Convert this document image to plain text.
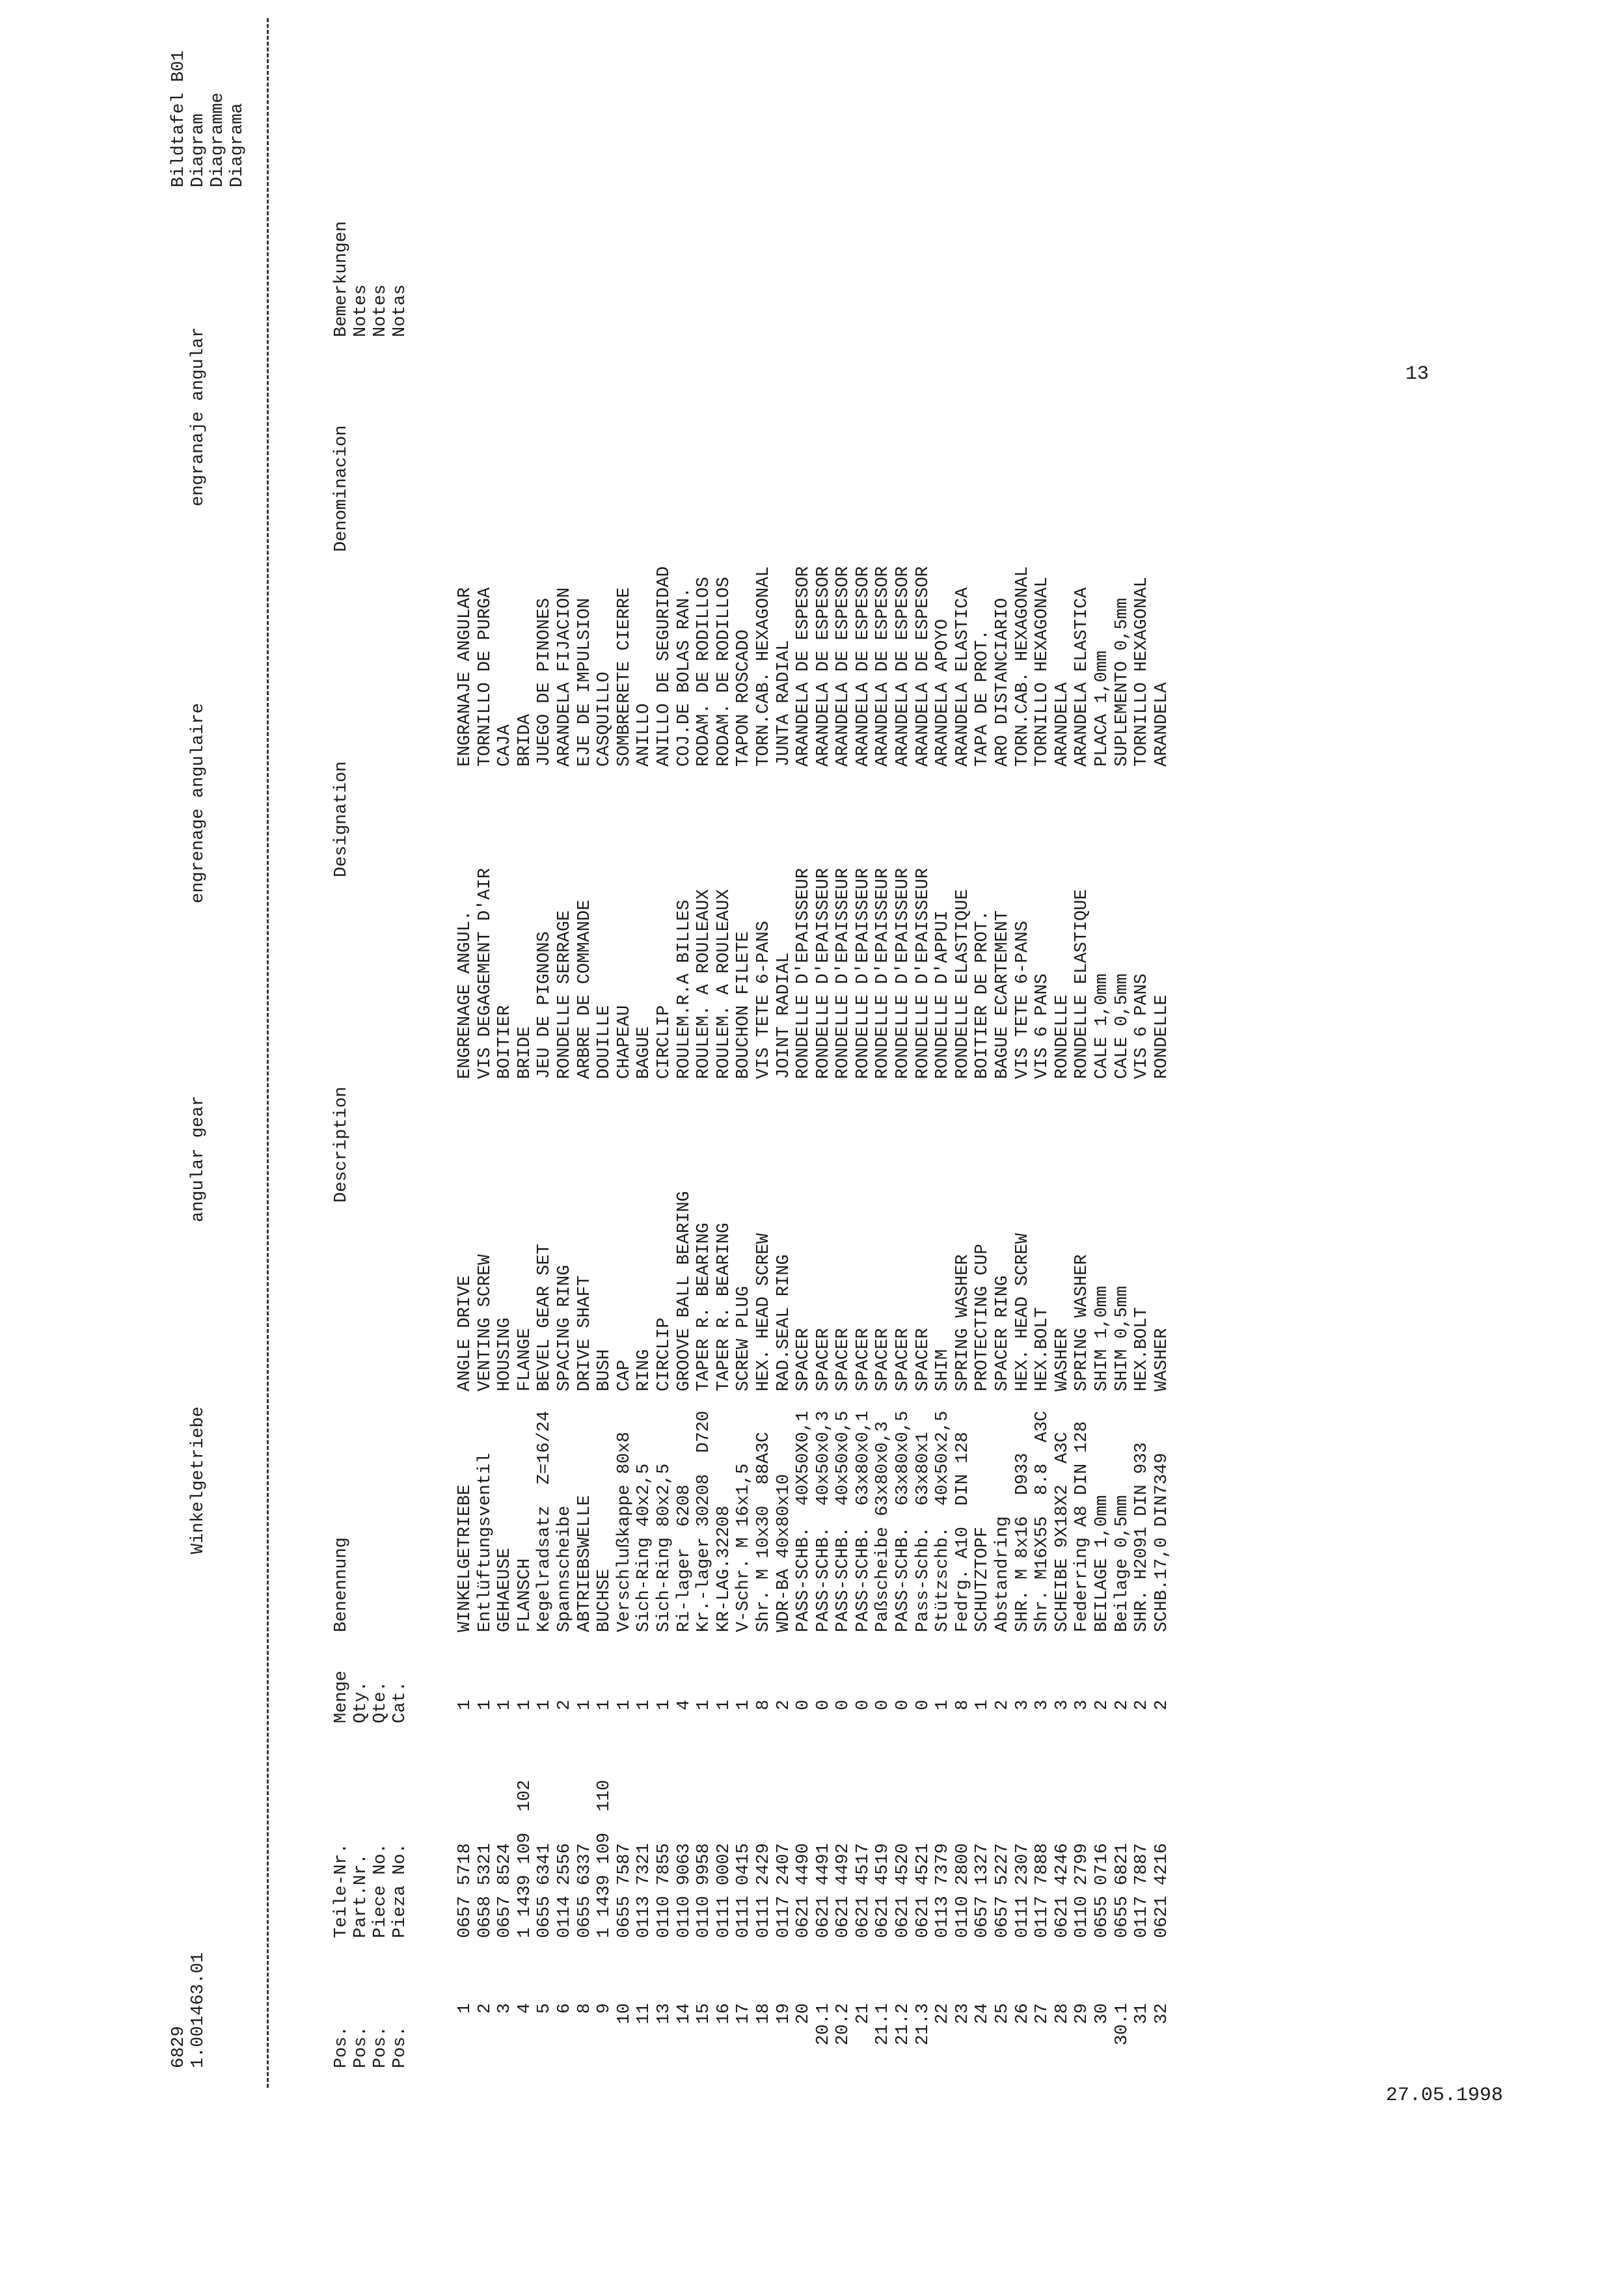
6829 1.001463.01
Winkelgetriebe
angular gear
engrenage angulaire
engranaje angular
Bildtafel B01 Diagram Diagramme Diagrama
Pos.
Pos.
Pos.
Pos.
Teile-Nr.
Part.Nr.
Piece No.
Pieza No.
Menge
Qty.
Qte.
Cat.
Benennung
Description
Designation
Denominacion
Bemerkungen
Notes
Notes
Notas
1 2 3 4 5 6 8 9 10 11 13 14 15 16 17 18 19 20 20.1 20.2 21 21.1 21.2 21.3 22 23 24 25 26 27 28 29 30 30.1 31 32
0657 5718 0658 5321 0657 8524 1 1439 109  102 0655 6341 0114 2556 0655 6337 1 1439 109  110 0655 7587 0113 7321 0110 7855 0110 9063 0110 9958 0111 0002 0111 0415 0111 2429 0117 2407 0621 4490 0621 4491 0621 4492 0621 4517 0621 4519 0621 4520 0621 4521 0113 7379 0110 2800 0657 1327 0657 5227 0111 2307 0117 7888 0621 4246 0110 2799 0655 0716 0655 6821 0117 7887 0621 4216
1 1 1 1 1 2 1 1 1 1 1 4 1 1 1 8 2 0 0 0 0 0 0 0 1 8 1 2 3 3 3 3 2 2 2 2
WINKELGETRIEBE Entlüftungsventil GEHAEUSE FLANSCH Kegelradsatz  Z=16/24 Spannscheibe ABTRIEBSWELLE BUCHSE Verschlußkappe 80x8 Sich-Ring 40x2,5 Sich-Ring 80x2,5 Ri-lager  6208 Kr.-lager 30208  D720 KR-LAG.32208 V-Schr. M 16x1,5 Shr. M 10x30  88A3C WDR-BA 40x80x10 PASS-SCHB.  40X50X0,1 PASS-SCHB.  40x50x0,3 PASS-SCHB.  40x50x0,5 PASS-SCHB.  63x80x0,1 Paßscheibe 63x80x0,3 PASS-SCHB.  63x80x0,5 Pass-Schb.  63x80x1 Stützschb.  40x50x2,5 Fedrg. A10  DIN 128 SCHUTZTOPF Abstandring SHR. M 8x16  D933 Shr. M16X55  8.8  A3C SCHEIBE 9X18X2  A3C Federring A8 DIN 128 BEILAGE 1,0mm Beilage 0,5mm SHR. H2091 DIN 933 SCHB.17,0 DIN7349
ANGLE DRIVE VENTING SCREW HOUSING FLANGE BEVEL GEAR SET SPACING RING DRIVE SHAFT BUSH CAP RING CIRCLIP GROOVE BALL BEARING TAPER R. BEARING TAPER R. BEARING SCREW PLUG HEX. HEAD SCREW RAD.SEAL RING SPACER SPACER SPACER SPACER SPACER SPACER SPACER SHIM SPRING WASHER PROTECTING CUP SPACER RING HEX. HEAD SCREW HEX.BOLT WASHER SPRING WASHER SHIM 1,0mm SHIM 0,5mm HEX.BOLT WASHER
ENGRENAGE ANGUL. VIS DEGAGEMENT D'AIR BOITIER BRIDE JEU DE PIGNONS RONDELLE SERRAGE ARBRE DE COMMANDE DOUILLE CHAPEAU BAGUE CIRCLIP ROULEM.R.A BILLES ROULEM. A ROULEAUX ROULEM. A ROULEAUX BOUCHON FILETE VIS TETE 6-PANS JOINT RADIAL RONDELLE D'EPAISSEUR RONDELLE D'EPAISSEUR RONDELLE D'EPAISSEUR RONDELLE D'EPAISSEUR RONDELLE D'EPAISSEUR RONDELLE D'EPAISSEUR RONDELLE D'EPAISSEUR RONDELLE D'APPUI RONDELLE ELASTIQUE BOITIER DE PROT. BAGUE ECARTEMENT VIS TETE 6-PANS VIS 6 PANS RONDELLE RONDELLE ELASTIQUE CALE 1,0mm CALE 0,5mm VIS 6 PANS RONDELLE
ENGRANAJE ANGULAR TORNILLO DE PURGA CAJA BRIDA JUEGO DE PINONES ARANDELA FIJACION EJE DE IMPULSION CASQUILLO SOMBRERETE CIERRE ANILLO ANILLO DE SEGURIDAD COJ.DE BOLAS RAN. RODAM. DE RODILLOS RODAM. DE RODILLOS TAPON ROSCADO TORN.CAB. HEXAGONAL JUNTA RADIAL ARANDELA DE ESPESOR ARANDELA DE ESPESOR ARANDELA DE ESPESOR ARANDELA DE ESPESOR ARANDELA DE ESPESOR ARANDELA DE ESPESOR ARANDELA DE ESPESOR ARANDELA APOYO ARANDELA ELASTICA TAPA DE PROT. ARO DISTANCIARIO TORN.CAB. HEXAGONAL TORNILLO HEXAGONAL ARANDELA ARANDELA ELASTICA PLACA 1,0mm SUPLEMENTO 0,5mm TORNILLO HEXAGONAL ARANDELA
13
27.05.1998
